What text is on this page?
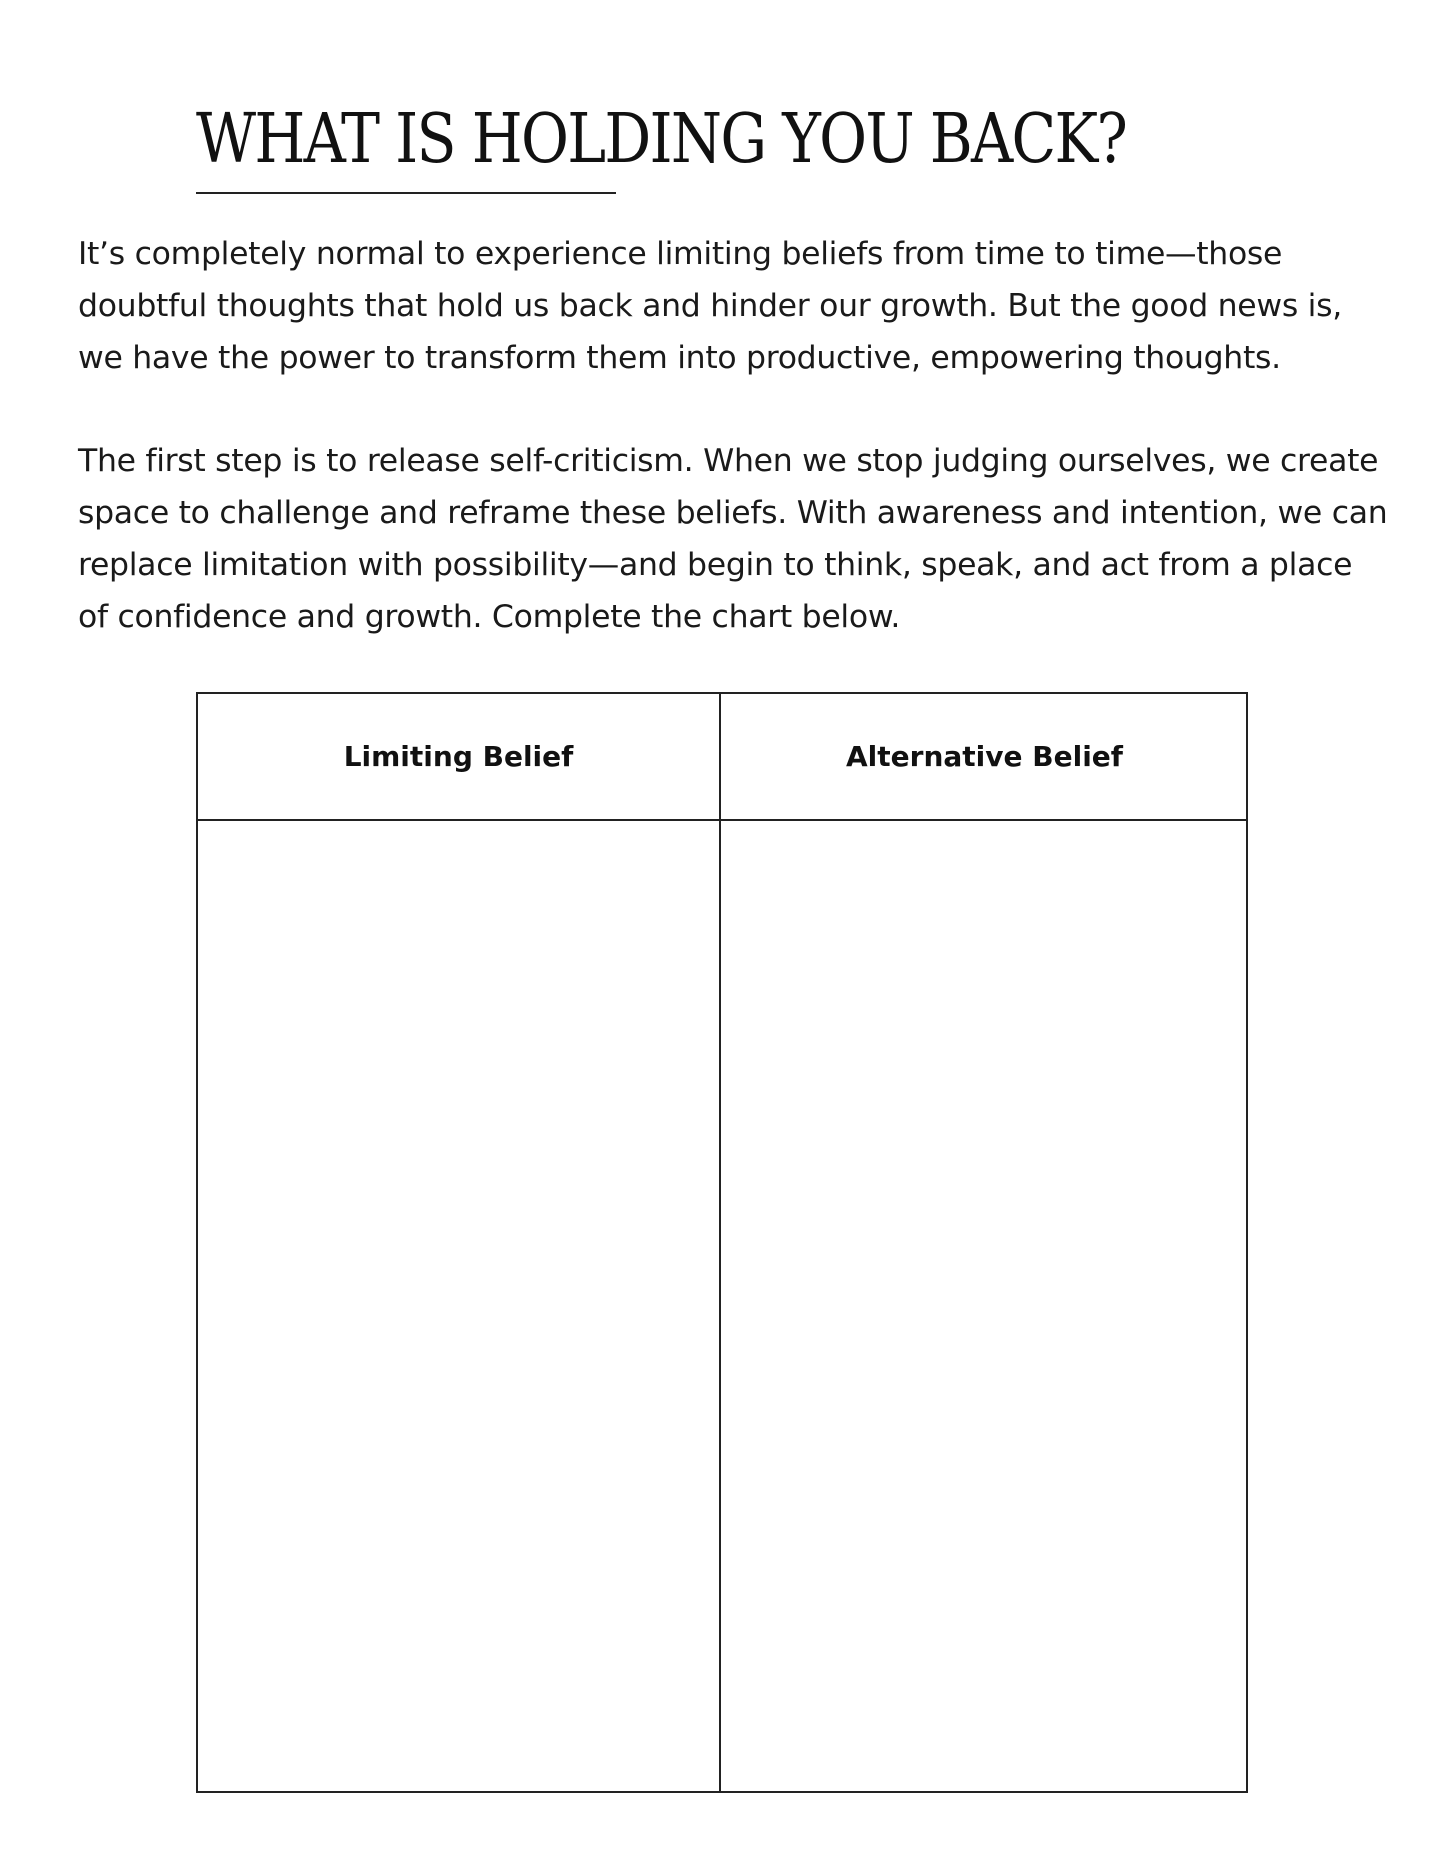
WHAT IS HOLDING YOU BACK?

It’s completely normal to experience limiting beliefs from time to time—those doubtful thoughts that hold us back and hinder our growth. But the good news is, we have the power to transform them into productive, empowering thoughts.

The first step is to release self-criticism. When we stop judging ourselves, we create space to challenge and reframe these beliefs. With awareness and intention, we can replace limitation with possibility—and begin to think, speak, and act from a place of confidence and growth. Complete the chart below.

Limiting Belief	Alternative Belief
